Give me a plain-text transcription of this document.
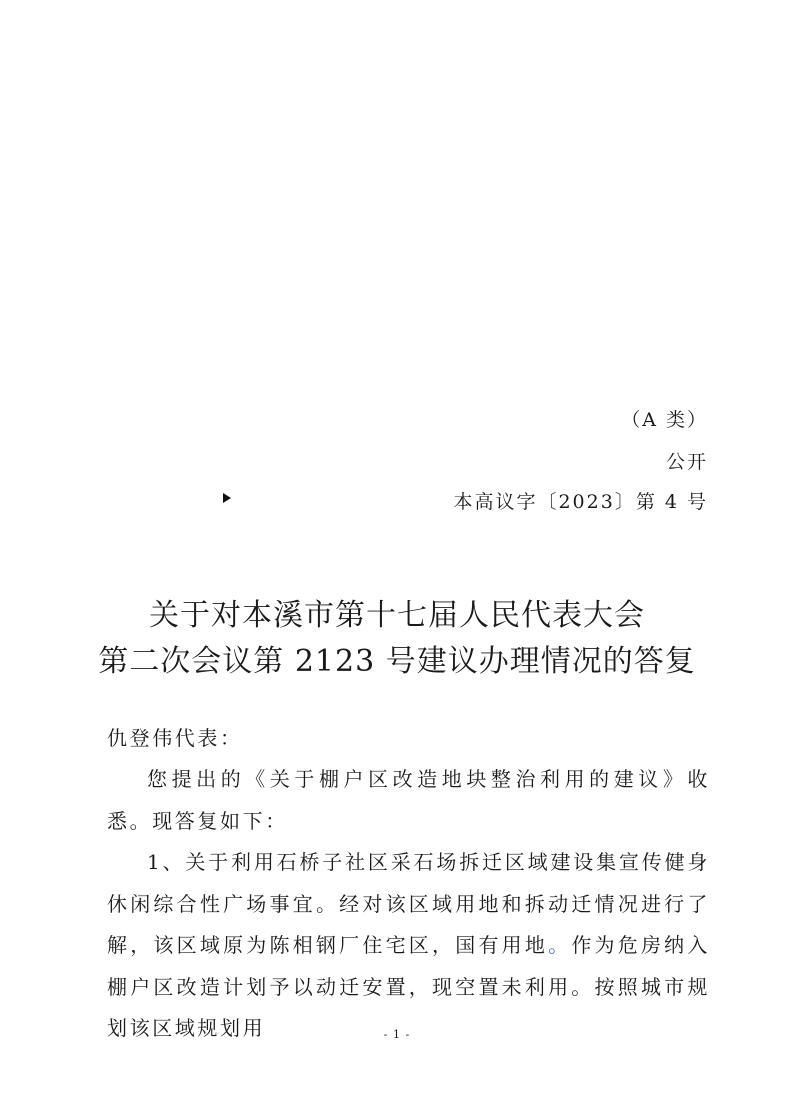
（A 类）
公开
本高议字〔2023〕第 4 号
关于对本溪市第十七届人民代表大会
第二次会议第 2123 号建议办理情况的答复
仇登伟代表：
您提出的《关于棚户区改造地块整治利用的建议》收悉。现答复如下：
1、关于利用石桥子社区采石场拆迁区域建设集宣传健身休闲综合性广场事宜。经对该区域用地和拆动迁情况进行了解，该区域原为陈相钢厂住宅区，国有用地。作为危房纳入棚户区改造计划予以动迁安置，现空置未利用。按照城市规划该区域规划用	- 1 -
